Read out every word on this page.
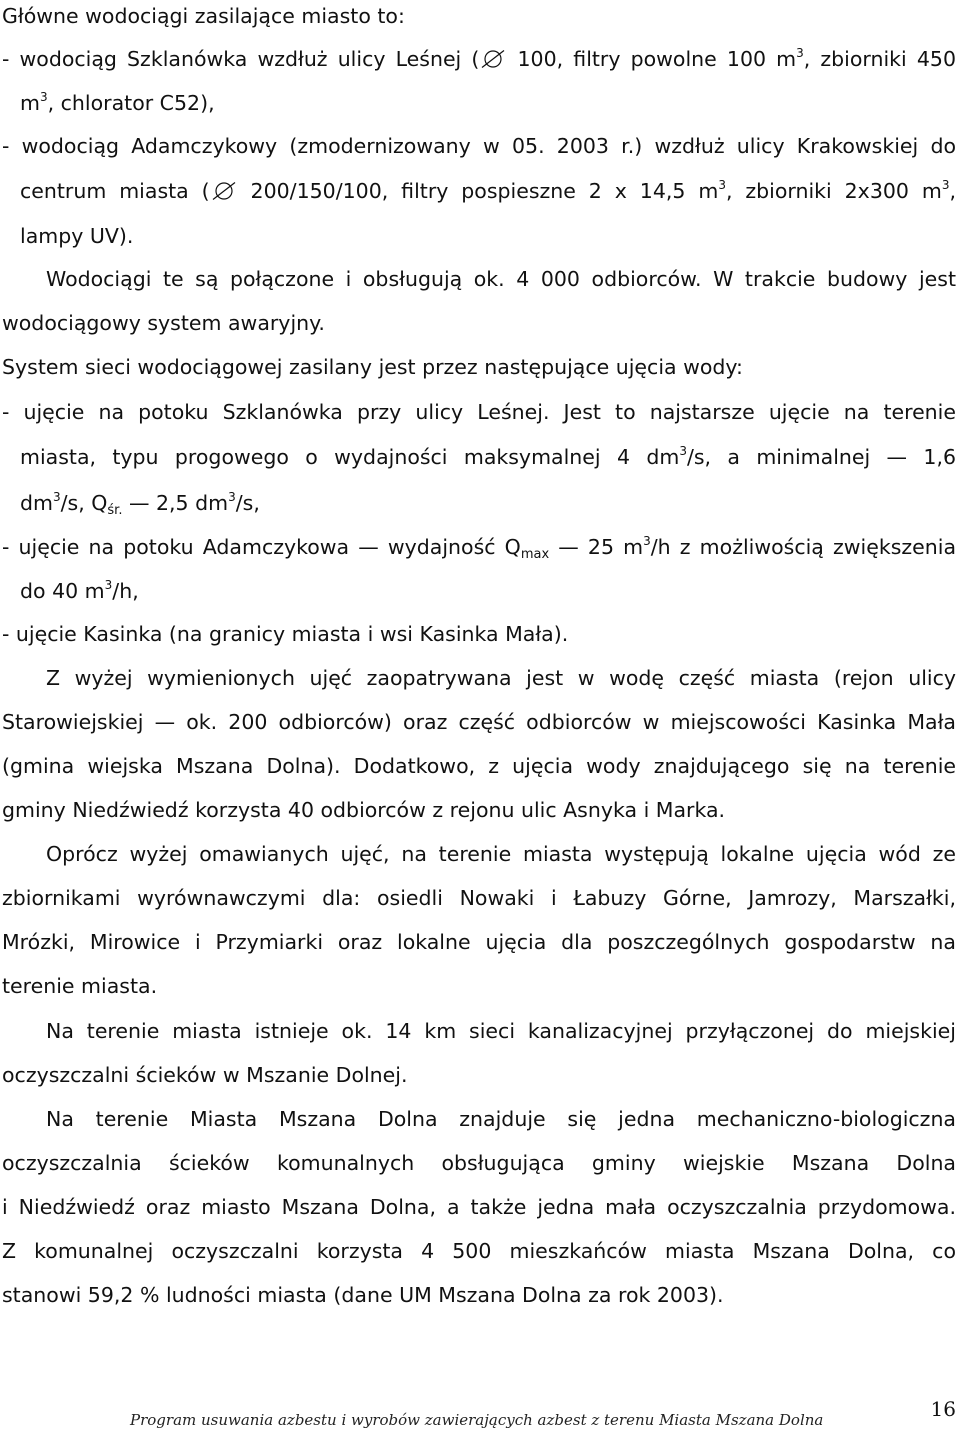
Główne wodociągi zasilające miasto to:

- wodociąg Szklanówka wzdłuż ulicy Leśnej ( 100, filtry powolne 100 $m^3$, zbiorniki 450

$m^3$, chlorator C52),

- wodociąg Adamczykowy (zmodernizowany w 05. 2003 r.) wzdłuż ulicy Krakowskiej do

centrum miasta ( 200/150/100, filtry pospieszne 2 x 14,5 $m^3$, zbiorniki 2x300 $m^3$,

lampy UV).

Wodociągi te są połączone i obsługują ok. 4 000 odbiorców. W trakcie budowy jest

wodociągowy system awaryjny.

System sieci wodociągowej zasilany jest przez następujące ujęcia wody:

- ujęcie na potoku Szklanówka przy ulicy Leśnej. Jest to najstarsze ujęcie na terenie

miasta, typu progowego o wydajności maksymalnej 4 $dm^3/s$, a minimalnej — 1,6

$dm^3/s$, $Q_{śr.}$ — 2,5 $dm^3/s$,

- ujęcie na potoku Adamczykowa — wydajność $Q_{max}$ — 25 $m^3/h$ z możliwością zwiększenia

do 40 $m^3/h$,

- ujęcie Kasinka (na granicy miasta i wsi Kasinka Mała).

Z wyżej wymienionych ujęć zaopatrywana jest w wodę część miasta (rejon ulicy

Starowiejskiej — ok. 200 odbiorców) oraz część odbiorców w miejscowości Kasinka Mała

(gmina wiejska Mszana Dolna). Dodatkowo, z ujęcia wody znajdującego się na terenie

gminy Niedźwiedź korzysta 40 odbiorców z rejonu ulic Asnyka i Marka.

Oprócz wyżej omawianych ujęć, na terenie miasta występują lokalne ujęcia wód ze

zbiornikami wyrównawczymi dla: osiedli Nowaki i Łabuzy Górne, Jamrozy, Marszałki,

Mrózki, Mirowice i Przymiarki oraz lokalne ujęcia dla poszczególnych gospodarstw na

terenie miasta.

Na terenie miasta istnieje ok. 14 km sieci kanalizacyjnej przyłączonej do miejskiej

oczyszczalni ścieków w Mszanie Dolnej.

Na terenie Miasta Mszana Dolna znajduje się jedna mechaniczno-biologiczna

oczyszczalnia ścieków komunalnych obsługująca gminy wiejskie Mszana Dolna

i Niedźwiedź oraz miasto Mszana Dolna, a także jedna mała oczyszczalnia przydomowa.

Z komunalnej oczyszczalni korzysta 4 500 mieszkańców miasta Mszana Dolna, co

stanowi 59,2 % ludności miasta (dane UM Mszana Dolna za rok 2003).

16
Program usuwania azbestu i wyrobów zawierających azbest z terenu Miasta Mszana Dolna
